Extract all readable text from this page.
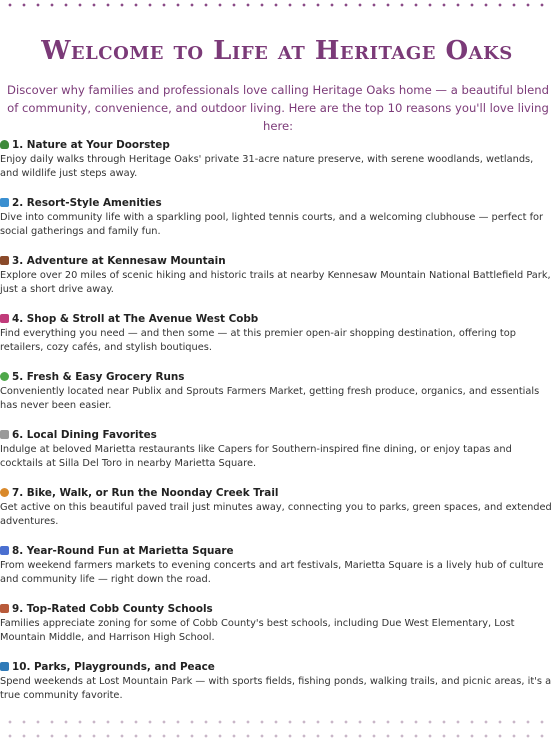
Welcome to Life at Heritage Oaks

Discover why families and professionals love calling Heritage Oaks home — a beautiful blend of community, convenience, and outdoor living. Here are the top 10 reasons you'll love living here:

1. Nature at Your Doorstep

Enjoy daily walks through Heritage Oaks' private 31-acre nature preserve, with serene woodlands, wetlands, and wildlife just steps away.

2. Resort-Style Amenities

Dive into community life with a sparkling pool, lighted tennis courts, and a welcoming clubhouse — perfect for social gatherings and family fun.

3. Adventure at Kennesaw Mountain

Explore over 20 miles of scenic hiking and historic trails at nearby Kennesaw Mountain National Battlefield Park, just a short drive away.

4. Shop & Stroll at The Avenue West Cobb

Find everything you need — and then some — at this premier open-air shopping destination, offering top retailers, cozy cafés, and stylish boutiques.

5. Fresh & Easy Grocery Runs

Conveniently located near Publix and Sprouts Farmers Market, getting fresh produce, organics, and essentials has never been easier.

6. Local Dining Favorites

Indulge at beloved Marietta restaurants like Capers for Southern-inspired fine dining, or enjoy tapas and cocktails at Silla Del Toro in nearby Marietta Square.

7. Bike, Walk, or Run the Noonday Creek Trail

Get active on this beautiful paved trail just minutes away, connecting you to parks, green spaces, and extended adventures.

8. Year-Round Fun at Marietta Square

From weekend farmers markets to evening concerts and art festivals, Marietta Square is a lively hub of culture and community life — right down the road.

9. Top-Rated Cobb County Schools

Families appreciate zoning for some of Cobb County's best schools, including Due West Elementary, Lost Mountain Middle, and Harrison High School.

10. Parks, Playgrounds, and Peace

Spend weekends at Lost Mountain Park — with sports fields, fishing ponds, walking trails, and picnic areas, it's a true community favorite.
